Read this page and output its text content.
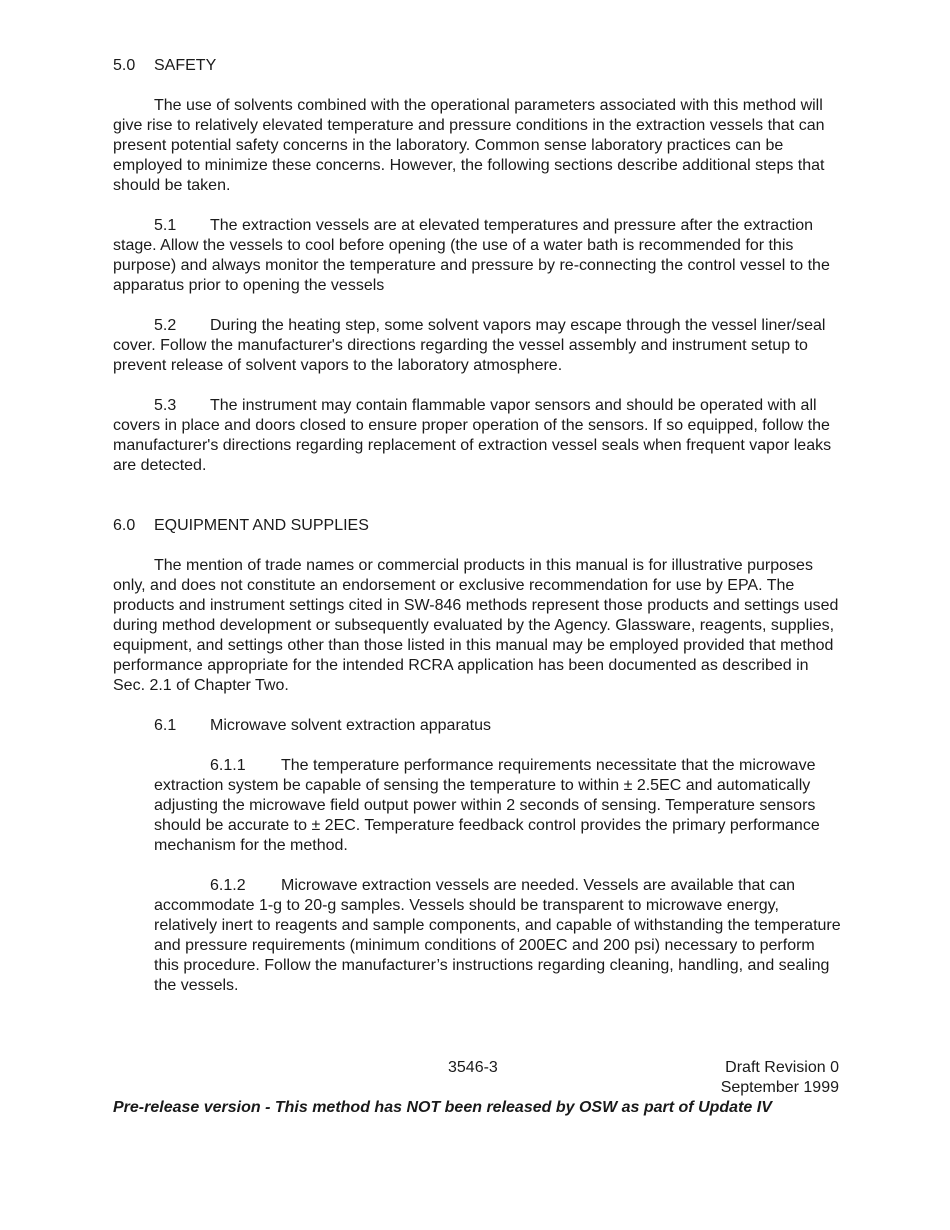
5.0 SAFETY

The use of solvents combined with the operational parameters associated with this method will give rise to relatively elevated temperature and pressure conditions in the extraction vessels that can present potential safety concerns in the laboratory. Common sense laboratory practices can be employed to minimize these concerns. However, the following sections describe additional steps that should be taken.

5.1 The extraction vessels are at elevated temperatures and pressure after the extraction stage. Allow the vessels to cool before opening (the use of a water bath is recommended for this purpose) and always monitor the temperature and pressure by re-connecting the control vessel to the apparatus prior to opening the vessels

5.2 During the heating step, some solvent vapors may escape through the vessel liner/seal cover. Follow the manufacturer's directions regarding the vessel assembly and instrument setup to prevent release of solvent vapors to the laboratory atmosphere.

5.3 The instrument may contain flammable vapor sensors and should be operated with all covers in place and doors closed to ensure proper operation of the sensors. If so equipped, follow the manufacturer's directions regarding replacement of extraction vessel seals when frequent vapor leaks are detected.

6.0 EQUIPMENT AND SUPPLIES

The mention of trade names or commercial products in this manual is for illustrative purposes only, and does not constitute an endorsement or exclusive recommendation for use by EPA. The products and instrument settings cited in SW-846 methods represent those products and settings used during method development or subsequently evaluated by the Agency. Glassware, reagents, supplies, equipment, and settings other than those listed in this manual may be employed provided that method performance appropriate for the intended RCRA application has been documented as described in Sec. 2.1 of Chapter Two.

6.1 Microwave solvent extraction apparatus

6.1.1 The temperature performance requirements necessitate that the microwave extraction system be capable of sensing the temperature to within ± 2.5EC and automatically adjusting the microwave field output power within 2 seconds of sensing. Temperature sensors should be accurate to ± 2EC. Temperature feedback control provides the primary performance mechanism for the method.

6.1.2 Microwave extraction vessels are needed. Vessels are available that can accommodate 1-g to 20-g samples. Vessels should be transparent to microwave energy, relatively inert to reagents and sample components, and capable of withstanding the temperature and pressure requirements (minimum conditions of 200EC and 200 psi) necessary to perform this procedure. Follow the manufacturer’s instructions regarding cleaning, handling, and sealing the vessels.

3546-3	Draft Revision 0
September 1999
Pre-release version - This method has NOT been released by OSW as part of Update IV
